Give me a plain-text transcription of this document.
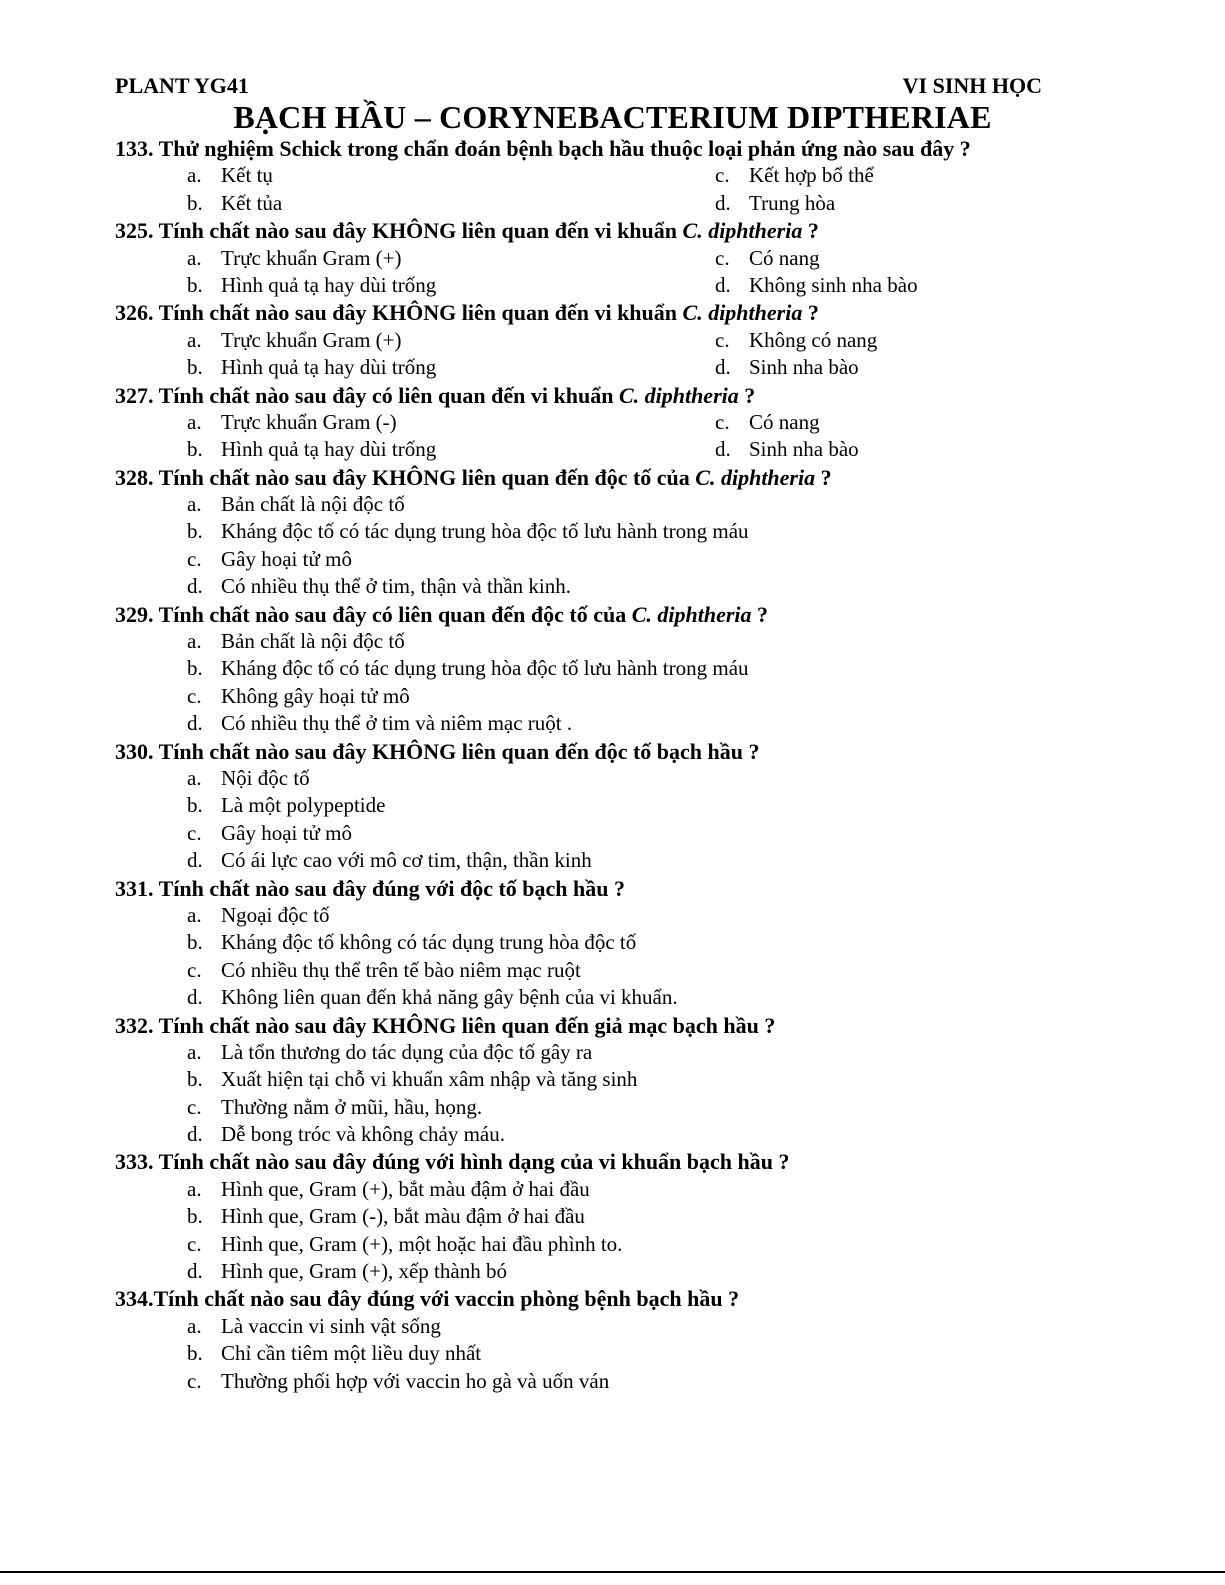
PLANT YG41	VI SINH HỌC
BẠCH HẦU – CORYNEBACTERIUM DIPTHERIAE
133. Thử nghiệm Schick trong chẩn đoán bệnh bạch hầu thuộc loại phản ứng nào sau đây ?
a. Kết tụ	c. Kết hợp bổ thể
b. Kết tủa	d. Trung hòa
325. Tính chất nào sau đây KHÔNG liên quan đến vi khuẩn C. diphtheria ?
a. Trực khuẩn Gram (+)	c. Có nang
b. Hình quả tạ hay dùi trống	d. Không sinh nha bào
326. Tính chất nào sau đây KHÔNG liên quan đến vi khuẩn C. diphtheria ?
a. Trực khuẩn Gram (+)	c. Không có nang
b. Hình quả tạ hay dùi trống	d. Sinh nha bào
327. Tính chất nào sau đây có liên quan đến vi khuẩn C. diphtheria ?
a. Trực khuẩn Gram (-)	c. Có nang
b. Hình quả tạ hay dùi trống	d. Sinh nha bào
328. Tính chất nào sau đây KHÔNG liên quan đến độc tố của C. diphtheria ?
a. Bản chất là nội độc tố
b. Kháng độc tố có tác dụng trung hòa độc tố lưu hành trong máu
c. Gây hoại tử mô
d. Có nhiều thụ thể ở tim, thận và thần kinh.
329. Tính chất nào sau đây có liên quan đến độc tố của C. diphtheria ?
a. Bản chất là nội độc tố
b. Kháng độc tố có tác dụng trung hòa độc tố lưu hành trong máu
c. Không gây hoại tử mô
d. Có nhiều thụ thể ở tim và niêm mạc ruột .
330. Tính chất nào sau đây KHÔNG liên quan đến độc tố bạch hầu ?
a. Nội độc tố
b. Là một polypeptide
c. Gây hoại tử mô
d. Có ái lực cao với mô cơ tim, thận, thần kinh
331. Tính chất nào sau đây đúng với độc tố bạch hầu ?
a. Ngoại độc tố
b. Kháng độc tố không có tác dụng trung hòa độc tố
c. Có nhiều thụ thể trên tế bào niêm mạc ruột
d. Không liên quan đến khả năng gây bệnh của vi khuẩn.
332. Tính chất nào sau đây KHÔNG liên quan đến giả mạc bạch hầu ?
a. Là tổn thương do tác dụng của độc tố gây ra
b. Xuất hiện tại chỗ vi khuẩn xâm nhập và tăng sinh
c. Thường nằm ở mũi, hầu, họng.
d. Dễ bong tróc và không chảy máu.
333. Tính chất nào sau đây đúng với hình dạng của vi khuẩn bạch hầu ?
a. Hình que, Gram (+), bắt màu đậm ở hai đầu
b. Hình que, Gram (-), bắt màu đậm ở hai đầu
c. Hình que, Gram (+), một hoặc hai đầu phình to.
d. Hình que, Gram (+), xếp thành bó
334.Tính chất nào sau đây đúng với vaccin phòng bệnh bạch hầu ?
a. Là vaccin vi sinh vật sống
b. Chỉ cần tiêm một liều duy nhất
c. Thường phối hợp với vaccin ho gà và uốn ván
